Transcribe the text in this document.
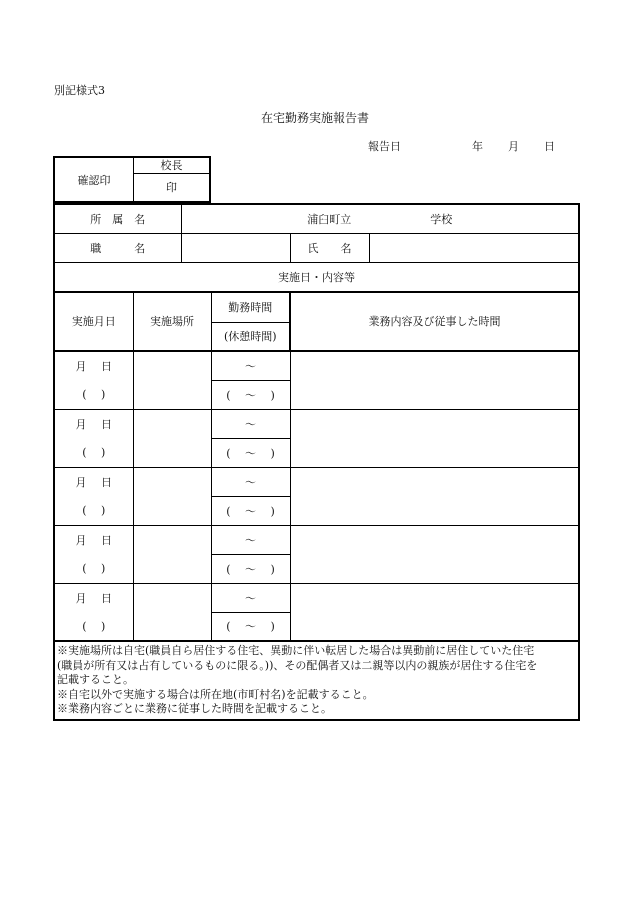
別記様式3
在宅勤務実施報告書
報告日	年 月 日
確認印
校長
印
所　属　名		浦臼町立 学校			
職　　　名				氏　　名	
実施日・内容等					
実施月日	実施場所		勤務時間	業務内容及び従事した時間	
			(休憩時間)		
月　 日			～		
(　 )			(　 ～　 )		
月　 日			～		
(　 )			(　 ～　 )		
月　 日			～		
(　 )			(　 ～　 )		
月　 日			～		
(　 )			(　 ～　 )		
月　 日			～		
(　 )			(　 ～　 )		

※実施場所は自宅(職員自ら居住する住宅、異動に伴い転居した場合は異動前に居住していた住宅
(職員が所有又は占有しているものに限る。))、その配偶者又は二親等以内の親族が居住する住宅を
記載すること。
※自宅以外で実施する場合は所在地(市町村名)を記載すること。
※業務内容ごとに業務に従事した時間を記載すること。					
